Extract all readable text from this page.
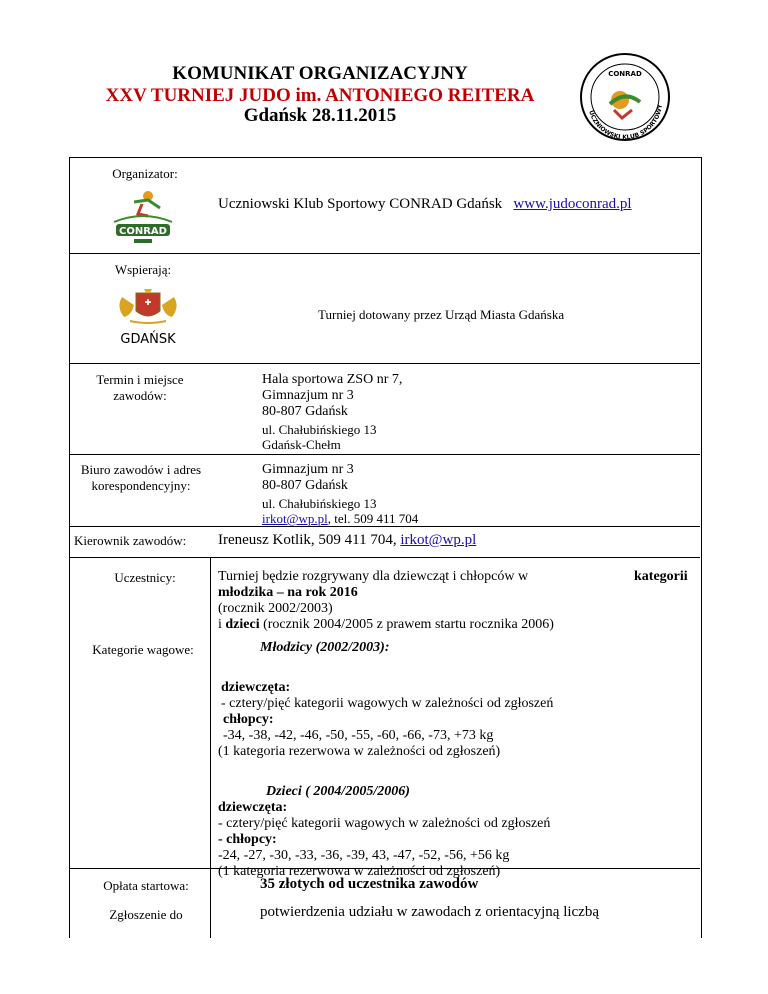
KOMUNIKAT ORGANIZACYJNY
XXV TURNIEJ JUDO im. ANTONIEGO REITERA
Gdańsk 28.11.2015
CONRAD
UCZNIOWSKI KLUB SPORTOWY
Organizator:
CONRAD
Uczniowski Klub Sportowy CONRAD Gdańsk www.judoconrad.pl
Wspierają:
✚
GDAŃSK
Turniej dotowany przez Urząd Miasta Gdańska
Termin i miejsce zawodów:
Hala sportowa ZSO nr 7,
Gimnazjum nr 3
80-807 Gdańsk
ul. Chałubińskiego 13
Gdańsk-Chełm
Biuro zawodów i adres korespondencyjny:
Gimnazjum nr 3
80-807 Gdańsk
ul. Chałubińskiego 13
irkot@wp.pl, tel. 509 411 704
Kierownik zawodów:	Ireneusz Kotlik, 509 411 704, irkot@wp.pl
Uczestnicy:	Turniej będzie rozgrywany dla dziewcząt i chłopców w	kategorii
młodzika – na rok 2016
(rocznik 2002/2003)
i dzieci (rocznik 2004/2005 z prawem startu rocznika 2006)
Kategorie wagowe:	Młodzicy (2002/2003):
dziewczęta:
- cztery/pięć kategorii wagowych w zależności od zgłoszeń
chłopcy:
-34, -38, -42, -46, -50, -55, -60, -66, -73, +73 kg
(1 kategoria rezerwowa w zależności od zgłoszeń)
Dzieci ( 2004/2005/2006)
dziewczęta:
- cztery/pięć kategorii wagowych w zależności od zgłoszeń
- chłopcy:
-24, -27, -30, -33, -36, -39, 43, -47, -52, -56, +56 kg
(1 kategoria rezerwowa w zależności od zgłoszeń)
Opłata startowa:	35 złotych od uczestnika zawodów
Zgłoszenie do	potwierdzenia udziału w zawodach z orientacyjną liczbą
